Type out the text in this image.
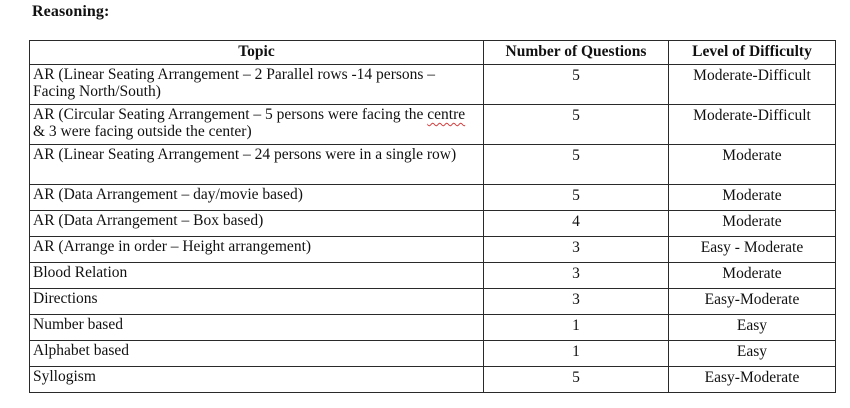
Reasoning:
Topic	Number of Questions	Level of Difficulty
AR (Linear Seating Arrangement – 2 Parallel rows -14 persons – Facing North/South)	5	Moderate-Difficult
AR (Circular Seating Arrangement – 5 persons were facing the centre & 3 were facing outside the center)	5	Moderate-Difficult
AR (Linear Seating Arrangement – 24 persons were in a single row)	5	Moderate
AR (Data Arrangement – day/movie based)	5	Moderate
AR (Data Arrangement – Box based)	4	Moderate
AR (Arrange in order – Height arrangement)	3	Easy - Moderate
Blood Relation	3	Moderate
Directions	3	Easy-Moderate
Number based	1	Easy
Alphabet based	1	Easy
Syllogism	5	Easy-Moderate
